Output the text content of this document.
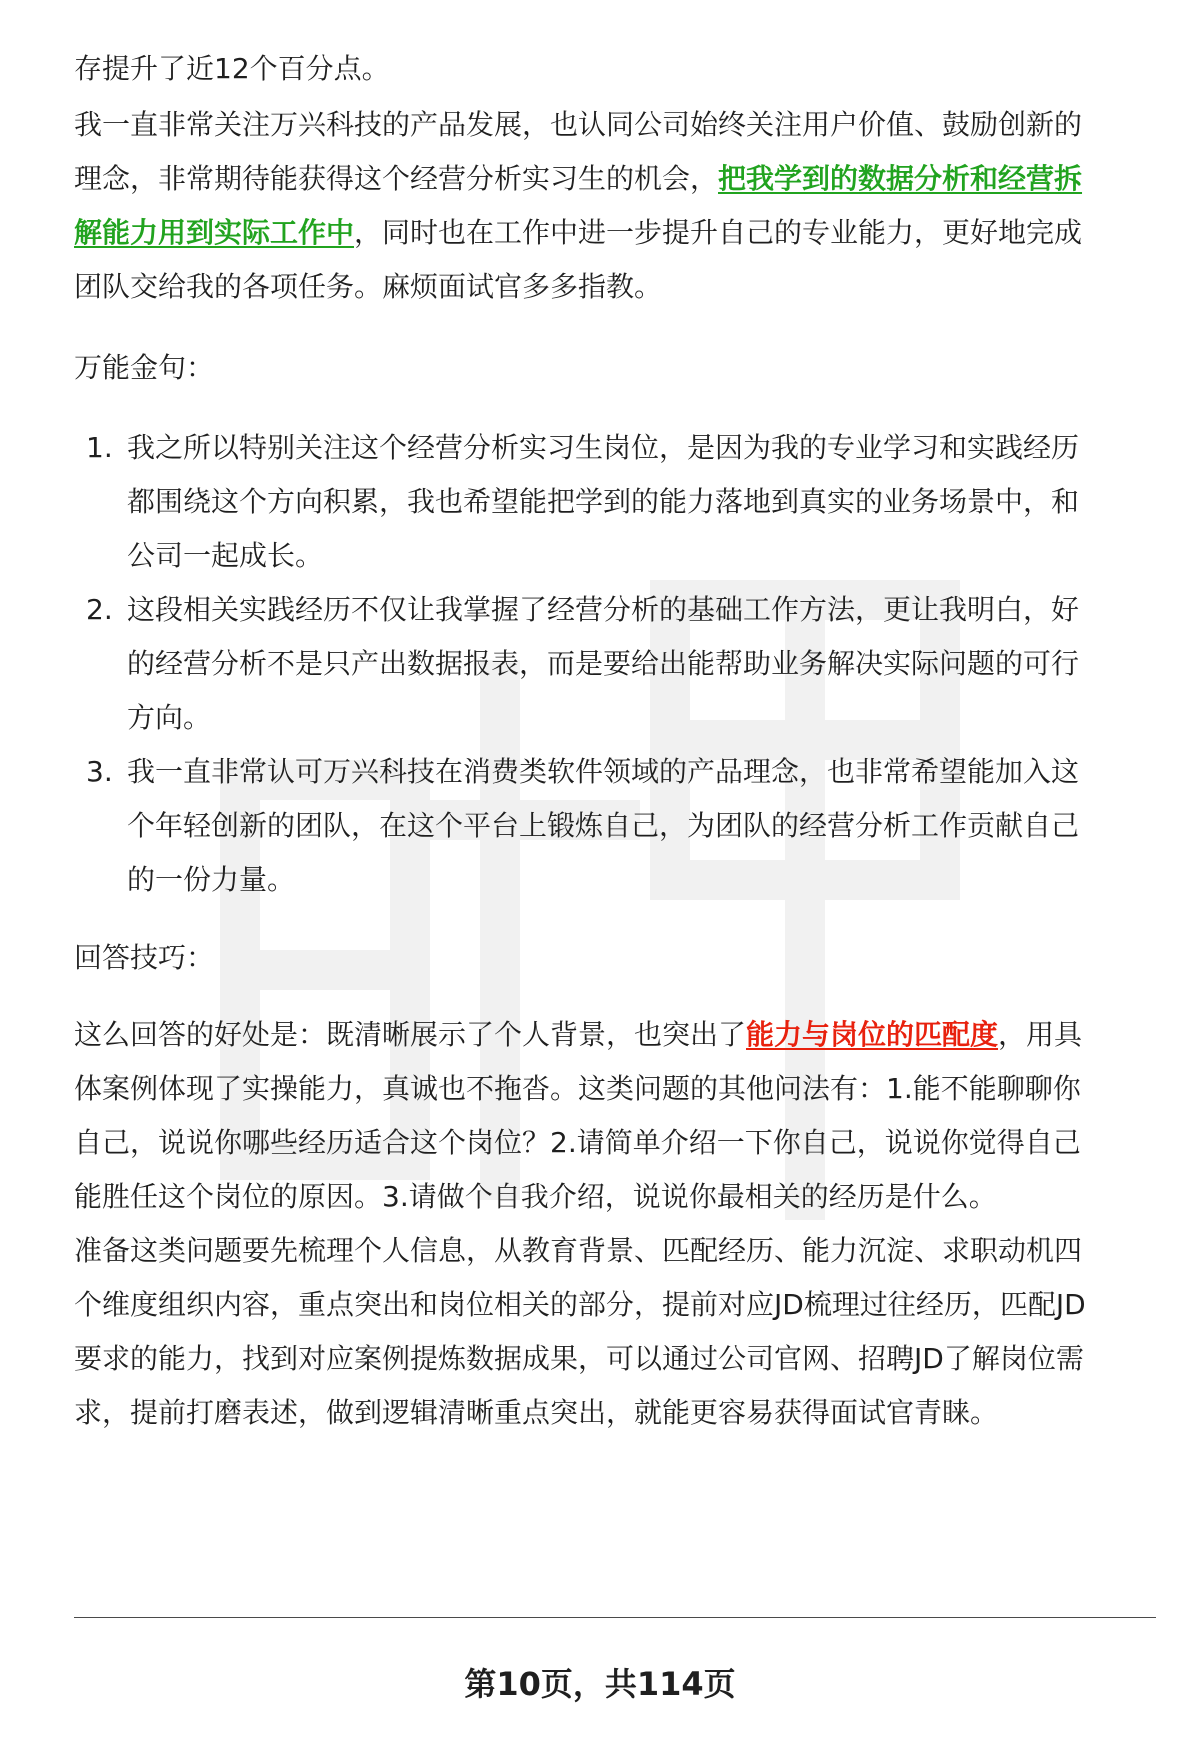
存提升了近12个百分点。
我一直非常关注万兴科技的产品发展，也认同公司始终关注用户价值、鼓励创新的
理念，非常期待能获得这个经营分析实习生的机会，把我学到的数据分析和经营拆
解能力用到实际工作中，同时也在工作中进一步提升自己的专业能力，更好地完成
团队交给我的各项任务。麻烦面试官多多指教。
万能金句：
1. 我之所以特别关注这个经营分析实习生岗位，是因为我的专业学习和实践经历
都围绕这个方向积累，我也希望能把学到的能力落地到真实的业务场景中，和
公司一起成长。
2. 这段相关实践经历不仅让我掌握了经营分析的基础工作方法，更让我明白，好
的经营分析不是只产出数据报表，而是要给出能帮助业务解决实际问题的可行
方向。
3. 我一直非常认可万兴科技在消费类软件领域的产品理念，也非常希望能加入这
个年轻创新的团队，在这个平台上锻炼自己，为团队的经营分析工作贡献自己
的一份力量。
回答技巧：
这么回答的好处是：既清晰展示了个人背景，也突出了能力与岗位的匹配度，用具
体案例体现了实操能力，真诚也不拖沓。这类问题的其他问法有：1.能不能聊聊你
自己，说说你哪些经历适合这个岗位？2.请简单介绍一下你自己，说说你觉得自己
能胜任这个岗位的原因。3.请做个自我介绍，说说你最相关的经历是什么。
准备这类问题要先梳理个人信息，从教育背景、匹配经历、能力沉淀、求职动机四
个维度组织内容，重点突出和岗位相关的部分，提前对应JD梳理过往经历，匹配JD
要求的能力，找到对应案例提炼数据成果，可以通过公司官网、招聘JD了解岗位需
求，提前打磨表述，做到逻辑清晰重点突出，就能更容易获得面试官青睐。
第10页，共114页
